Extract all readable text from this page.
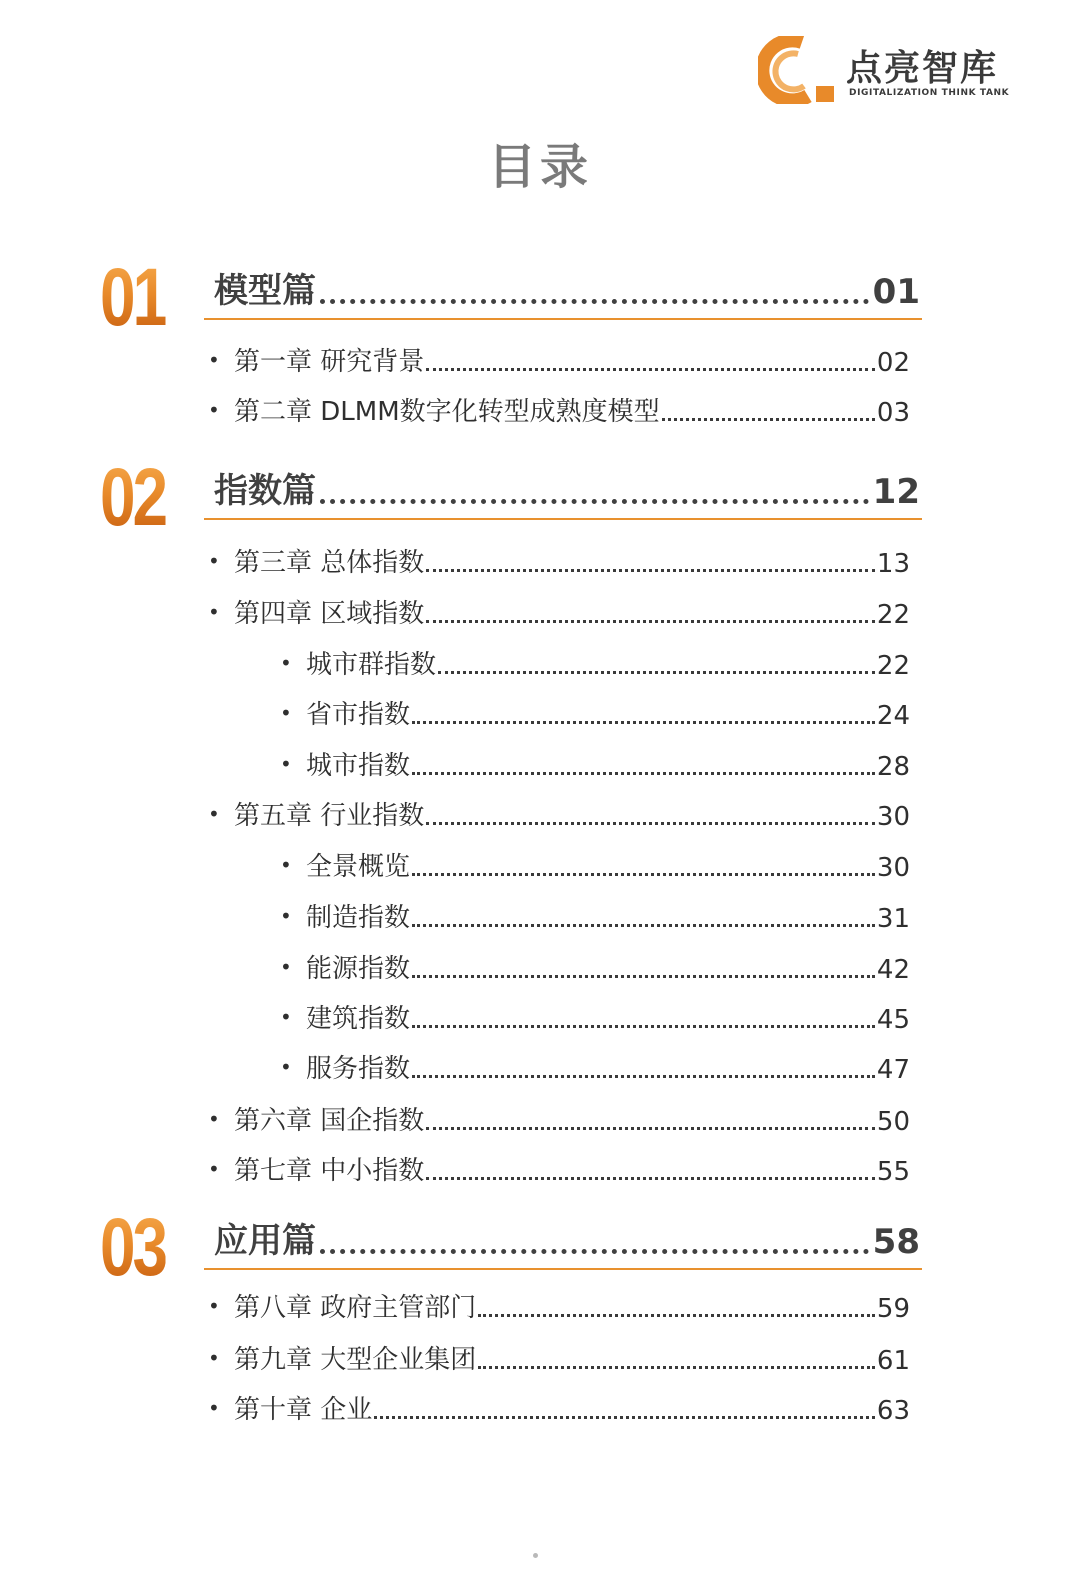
点亮智库
DIGITALIZATION THINK TANK
目录
01 模型篇	01
• 第一章 研究背景	02
• 第二章 DLMM数字化转型成熟度模型	03
02 指数篇	12
• 第三章 总体指数	13
• 第四章 区域指数	22
• 城市群指数	22
• 省市指数	24
• 城市指数	28
• 第五章 行业指数	30
• 全景概览	30
• 制造指数	31
• 能源指数	42
• 建筑指数	45
• 服务指数	47
• 第六章 国企指数	50
• 第七章 中小指数	55
03 应用篇	58
• 第八章 政府主管部门	59
• 第九章 大型企业集团	61
• 第十章 企业	63
